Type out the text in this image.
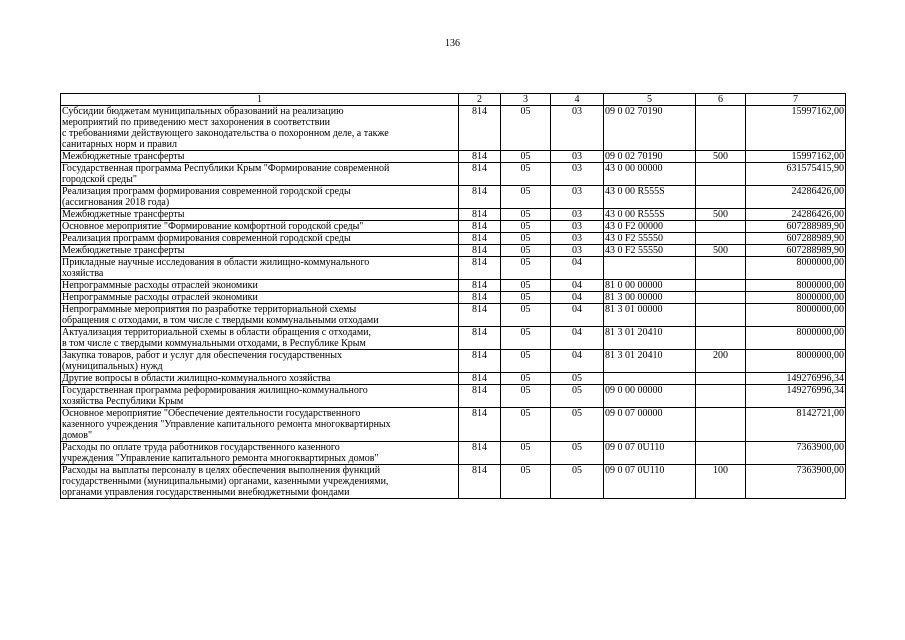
136
1	2	3	4	5	6	7
Субсидии бюджетам муниципальных образований на реализацию
мероприятий по приведению мест захоронения в соответствии
с требованиями действующего законодательства о похоронном деле, а также
санитарных норм и правил	814	05	03	09 0 02 70190		15997162,00
Межбюджетные трансферты	814	05	03	09 0 02 70190	500	15997162,00
Государственная программа Республики Крым "Формирование современной
городской среды"	814	05	03	43 0 00 00000		631575415,90
Реализация программ формирования современной городской среды
(ассигнования 2018 года)	814	05	03	43 0 00 R555S		24286426,00
Межбюджетные трансферты	814	05	03	43 0 00 R555S	500	24286426,00
Основное мероприятие "Формирование комфортной городской среды"	814	05	03	43 0 F2 00000		607288989,90
Реализация программ формирования современной городской среды	814	05	03	43 0 F2 55550		607288989,90
Межбюджетные трансферты	814	05	03	43 0 F2 55550	500	607288989,90
Прикладные научные исследования в области жилищно-коммунального
хозяйства	814	05	04			8000000,00
Непрограммные расходы отраслей экономики	814	05	04	81 0 00 00000		8000000,00
Непрограммные расходы отраслей экономики	814	05	04	81 3 00 00000		8000000,00
Непрограммные мероприятия по разработке территориальной схемы
обращения с отходами, в том числе с твердыми коммунальными отходами	814	05	04	81 3 01 00000		8000000,00
Актуализация территориальной схемы в области обращения с отходами,
в том числе с твердыми коммунальными отходами, в Республике Крым	814	05	04	81 3 01 20410		8000000,00
Закупка товаров, работ и услуг для обеспечения государственных
(муниципальных) нужд	814	05	04	81 3 01 20410	200	8000000,00
Другие вопросы в области жилищно-коммунального хозяйства	814	05	05			149276996,34
Государственная программа реформирования жилищно-коммунального
хозяйства Республики Крым	814	05	05	09 0 00 00000		149276996,34
Основное мероприятие "Обеспечение деятельности государственного
казенного учреждения "Управление капитального ремонта многоквартирных
домов"	814	05	05	09 0 07 00000		8142721,00
Расходы по оплате труда работников государственного казенного
учреждения "Управление капитального ремонта многоквартирных домов"	814	05	05	09 0 07 0U110		7363900,00
Расходы на выплаты персоналу в целях обеспечения выполнения функций
государственными (муниципальными) органами, казенными учреждениями,
органами управления государственными внебюджетными фондами	814	05	05	09 0 07 0U110	100	7363900,00
